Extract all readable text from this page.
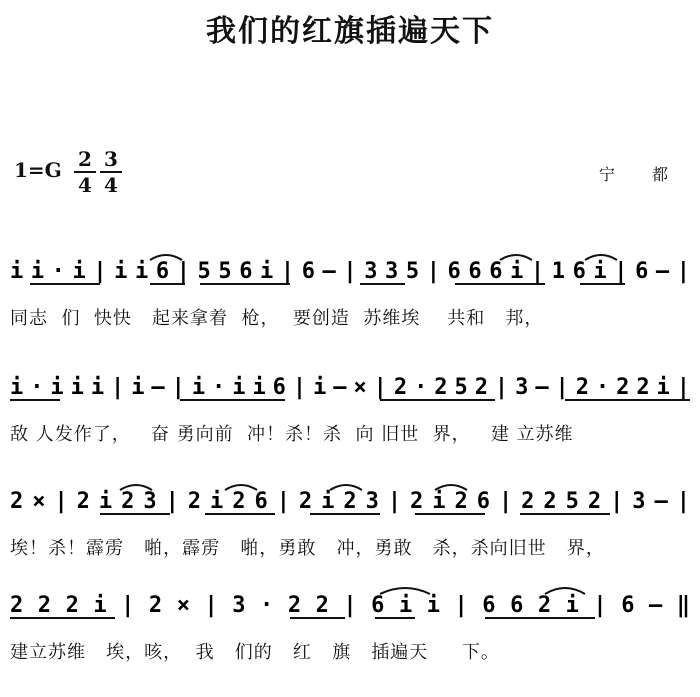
我们的红旗插遍天下
1=G 2
4
3
4	宁 都
i i · i | i i 6 | 5 5 6 i | 6 – | 3 3 5 | 6 6 6 i | 1 6 i | 6 – |
同志  们  快快   起来拿着  枪，  要创造  苏维埃    共和   邦，
i · i i i | i – | i · i i 6 | i – × | 2 · 2 5 2 | 3 – | 2 · 2 2 i |
敌 人发作了，   奋 勇向前  冲！杀！杀  向 旧世  界，   建 立苏维
2 × | 2 i 2 3 | 2 i 2 6 | 2 i 2 3 | 2 i 2 6 | 2 2 5 2 | 3 – |
埃！杀！霹雳   啪，霹雳   啪，勇敢   冲，勇敢   杀，杀向旧世   界，
2 2 2 i | 2 × | 3 · 2 2 | 6 i i | 6 6 2 i | 6 – ‖
建立苏维   埃，咳，  我   们的   红   旗   插遍天     下。
